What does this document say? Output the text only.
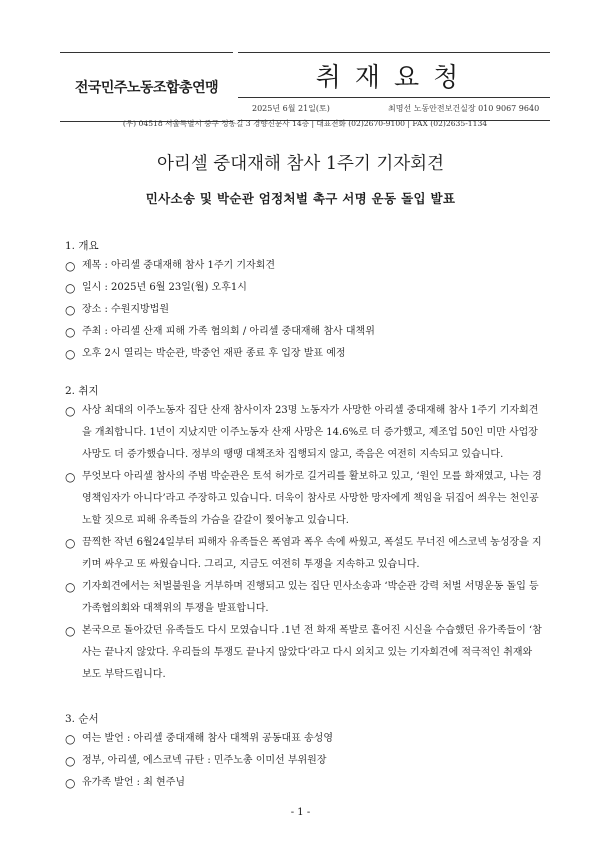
전국민주노동조합총연맹	취재요청
2025년 6월 21일(토)	최명선 노동안전보건실장 010 9067 9640
(우) 04518 서울특별시 중구 정동길 3 경향신문사 14층 | 대표전화 (02)2670-9100 | FAX (02)2635-1134
아리셀 중대재해 참사 1주기 기자회견
민사소송 및 박순관 엄정처벌 촉구 서명 운동 돌입 발표
1. 개요
○ 제목 : 아리셀 중대재해 참사 1주기 기자회견
○ 일시 : 2025년 6월 23일(월) 오후1시
○ 장소 : 수원지방법원
○ 주최 : 아리셀 산재 피해 가족 협의회 / 아리셀 중대재해 참사 대책위
○ 오후 2시 열리는 박순관, 박중언 재판 종료 후 입장 발표 예정
2. 취지
○ 사상 최대의 이주노동자 집단 산재 참사이자 23명 노동자가 사망한 아리셀 중대재해 참사 1주기 기자회견을 개최합니다. 1년이 지났지만 이주노동자 산재 사망은 14.6%로 더 증가했고, 제조업 50인 미만 사업장 사망도 더 증가했습니다. 정부의 땡땡 대책조차 집행되지 않고, 죽음은 여전히 지속되고 있습니다.
○ 무엇보다 아리셀 참사의 주범 박순관은 토석 허가로 길거리를 활보하고 있고, ‘원인 모를 화재였고, 나는 경영책임자가 아니다’라고 주장하고 있습니다. 더욱이 참사로 사망한 망자에게 책임을 뒤집어 씌우는 천인공노할 짓으로 피해 유족들의 가슴을 갈갈이 찢어놓고 있습니다.
○ 끔찍한 작년 6월24일부터 피해자 유족들은 폭염과 폭우 속에 싸웠고, 폭설도 무너진 에스코넥 농성장을 지키며 싸우고 또 싸웠습니다. 그리고, 지금도 여전히 투쟁을 지속하고 있습니다.
○ 기자회견에서는 처벌불원을 거부하며 진행되고 있는 집단 민사소송과 ‘박순관 강력 처벌 서명운동 돌입 등 가족협의회와 대책위의 투쟁을 발표합니다.
○ 본국으로 돌아갔던 유족들도 다시 모였습니다 .1년 전 화재 폭발로 흩어진 시신을 수습했던 유가족들이 ‘참사는 끝나지 않았다. 우리들의 투쟁도 끝나지 않았다’라고 다시 외치고 있는 기자회견에 적극적인 취재와 보도 부탁드립니다.
3. 순서
○ 여는 발언 : 아리셀 중대재해 참사 대책위 공동대표 송성영
○ 정부, 아리셀, 에스코넥 규탄 : 민주노총 이미선 부위원장
○ 유가족 발언 : 최 현주님
- 1 -
